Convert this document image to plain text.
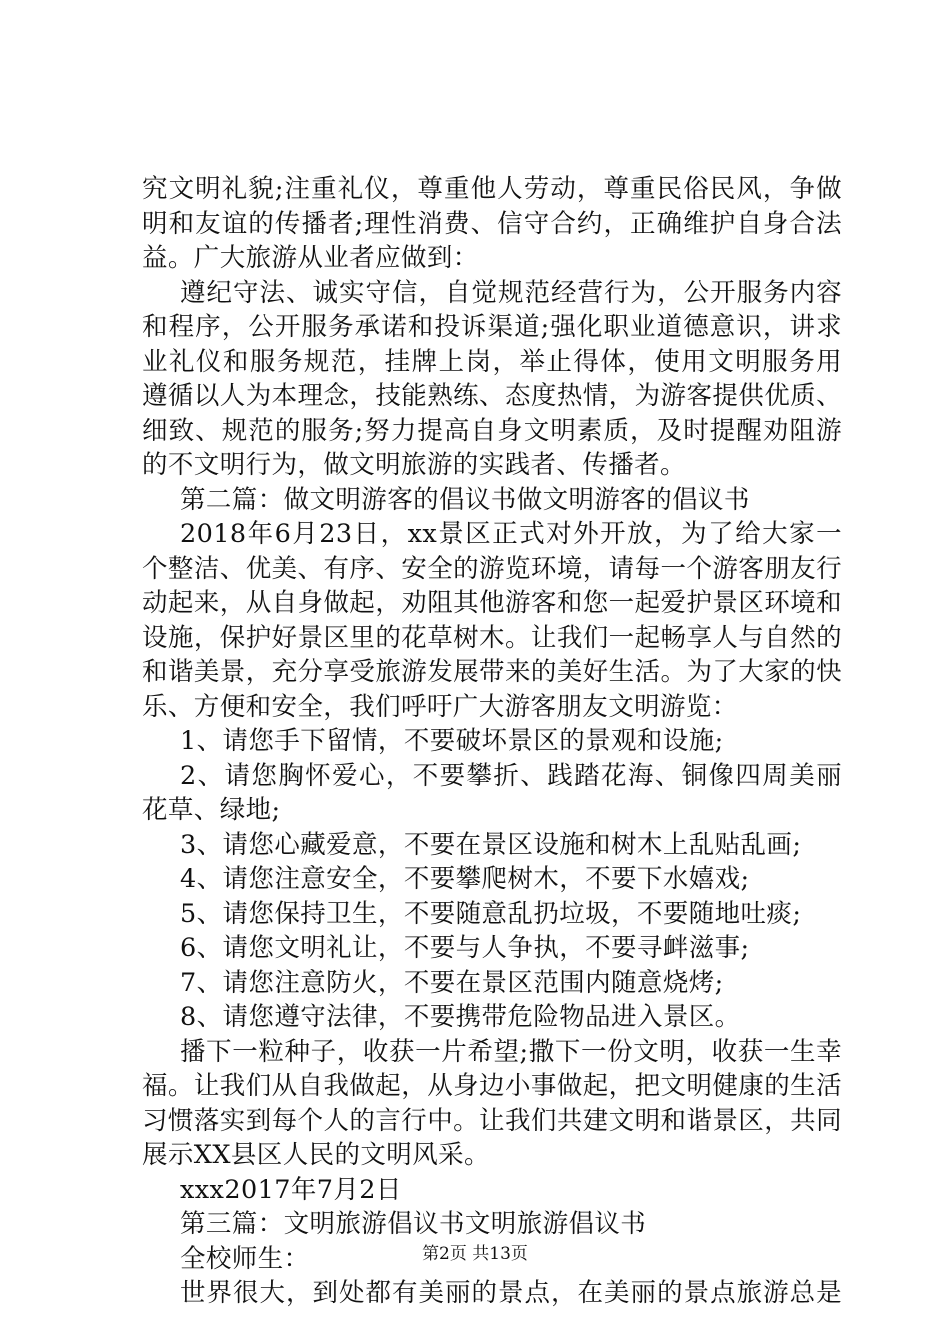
究文明礼貌;注重礼仪，尊重他人劳动，尊重民俗民风，争做
明和友谊的传播者;理性消费、信守合约，正确维护自身合法
益。广大旅游从业者应做到：
遵纪守法、诚实守信，自觉规范经营行为，公开服务内容
和程序，公开服务承诺和投诉渠道;强化职业道德意识，讲求
业礼仪和服务规范，挂牌上岗，举止得体，使用文明服务用
遵循以人为本理念，技能熟练、态度热情，为游客提供优质、
细致、规范的服务;努力提高自身文明素质，及时提醒劝阻游
的不文明行为，做文明旅游的实践者、传播者。
第二篇：做文明游客的倡议书做文明游客的倡议书
2018年6月23日，xx景区正式对外开放，为了给大家一
个整洁、优美、有序、安全的游览环境，请每一个游客朋友行
动起来，从自身做起，劝阻其他游客和您一起爱护景区环境和
设施，保护好景区里的花草树木。让我们一起畅享人与自然的
和谐美景，充分享受旅游发展带来的美好生活。为了大家的快
乐、方便和安全，我们呼吁广大游客朋友文明游览：
1、请您手下留情，不要破坏景区的景观和设施;
2、请您胸怀爱心，不要攀折、践踏花海、铜像四周美丽
花草、绿地;
3、请您心藏爱意，不要在景区设施和树木上乱贴乱画;
4、请您注意安全，不要攀爬树木，不要下水嬉戏;
5、请您保持卫生，不要随意乱扔垃圾，不要随地吐痰;
6、请您文明礼让，不要与人争执，不要寻衅滋事;
7、请您注意防火，不要在景区范围内随意烧烤;
8、请您遵守法律，不要携带危险物品进入景区。
播下一粒种子，收获一片希望;撒下一份文明，收获一生幸
福。让我们从自我做起，从身边小事做起，把文明健康的生活
习惯落实到每个人的言行中。让我们共建文明和谐景区，共同
展示XX县区人民的文明风采。
xxx2017年7月2日
第三篇：文明旅游倡议书文明旅游倡议书
全校师生：
世界很大，到处都有美丽的景点，在美丽的景点旅游总是
第2页 共13页
